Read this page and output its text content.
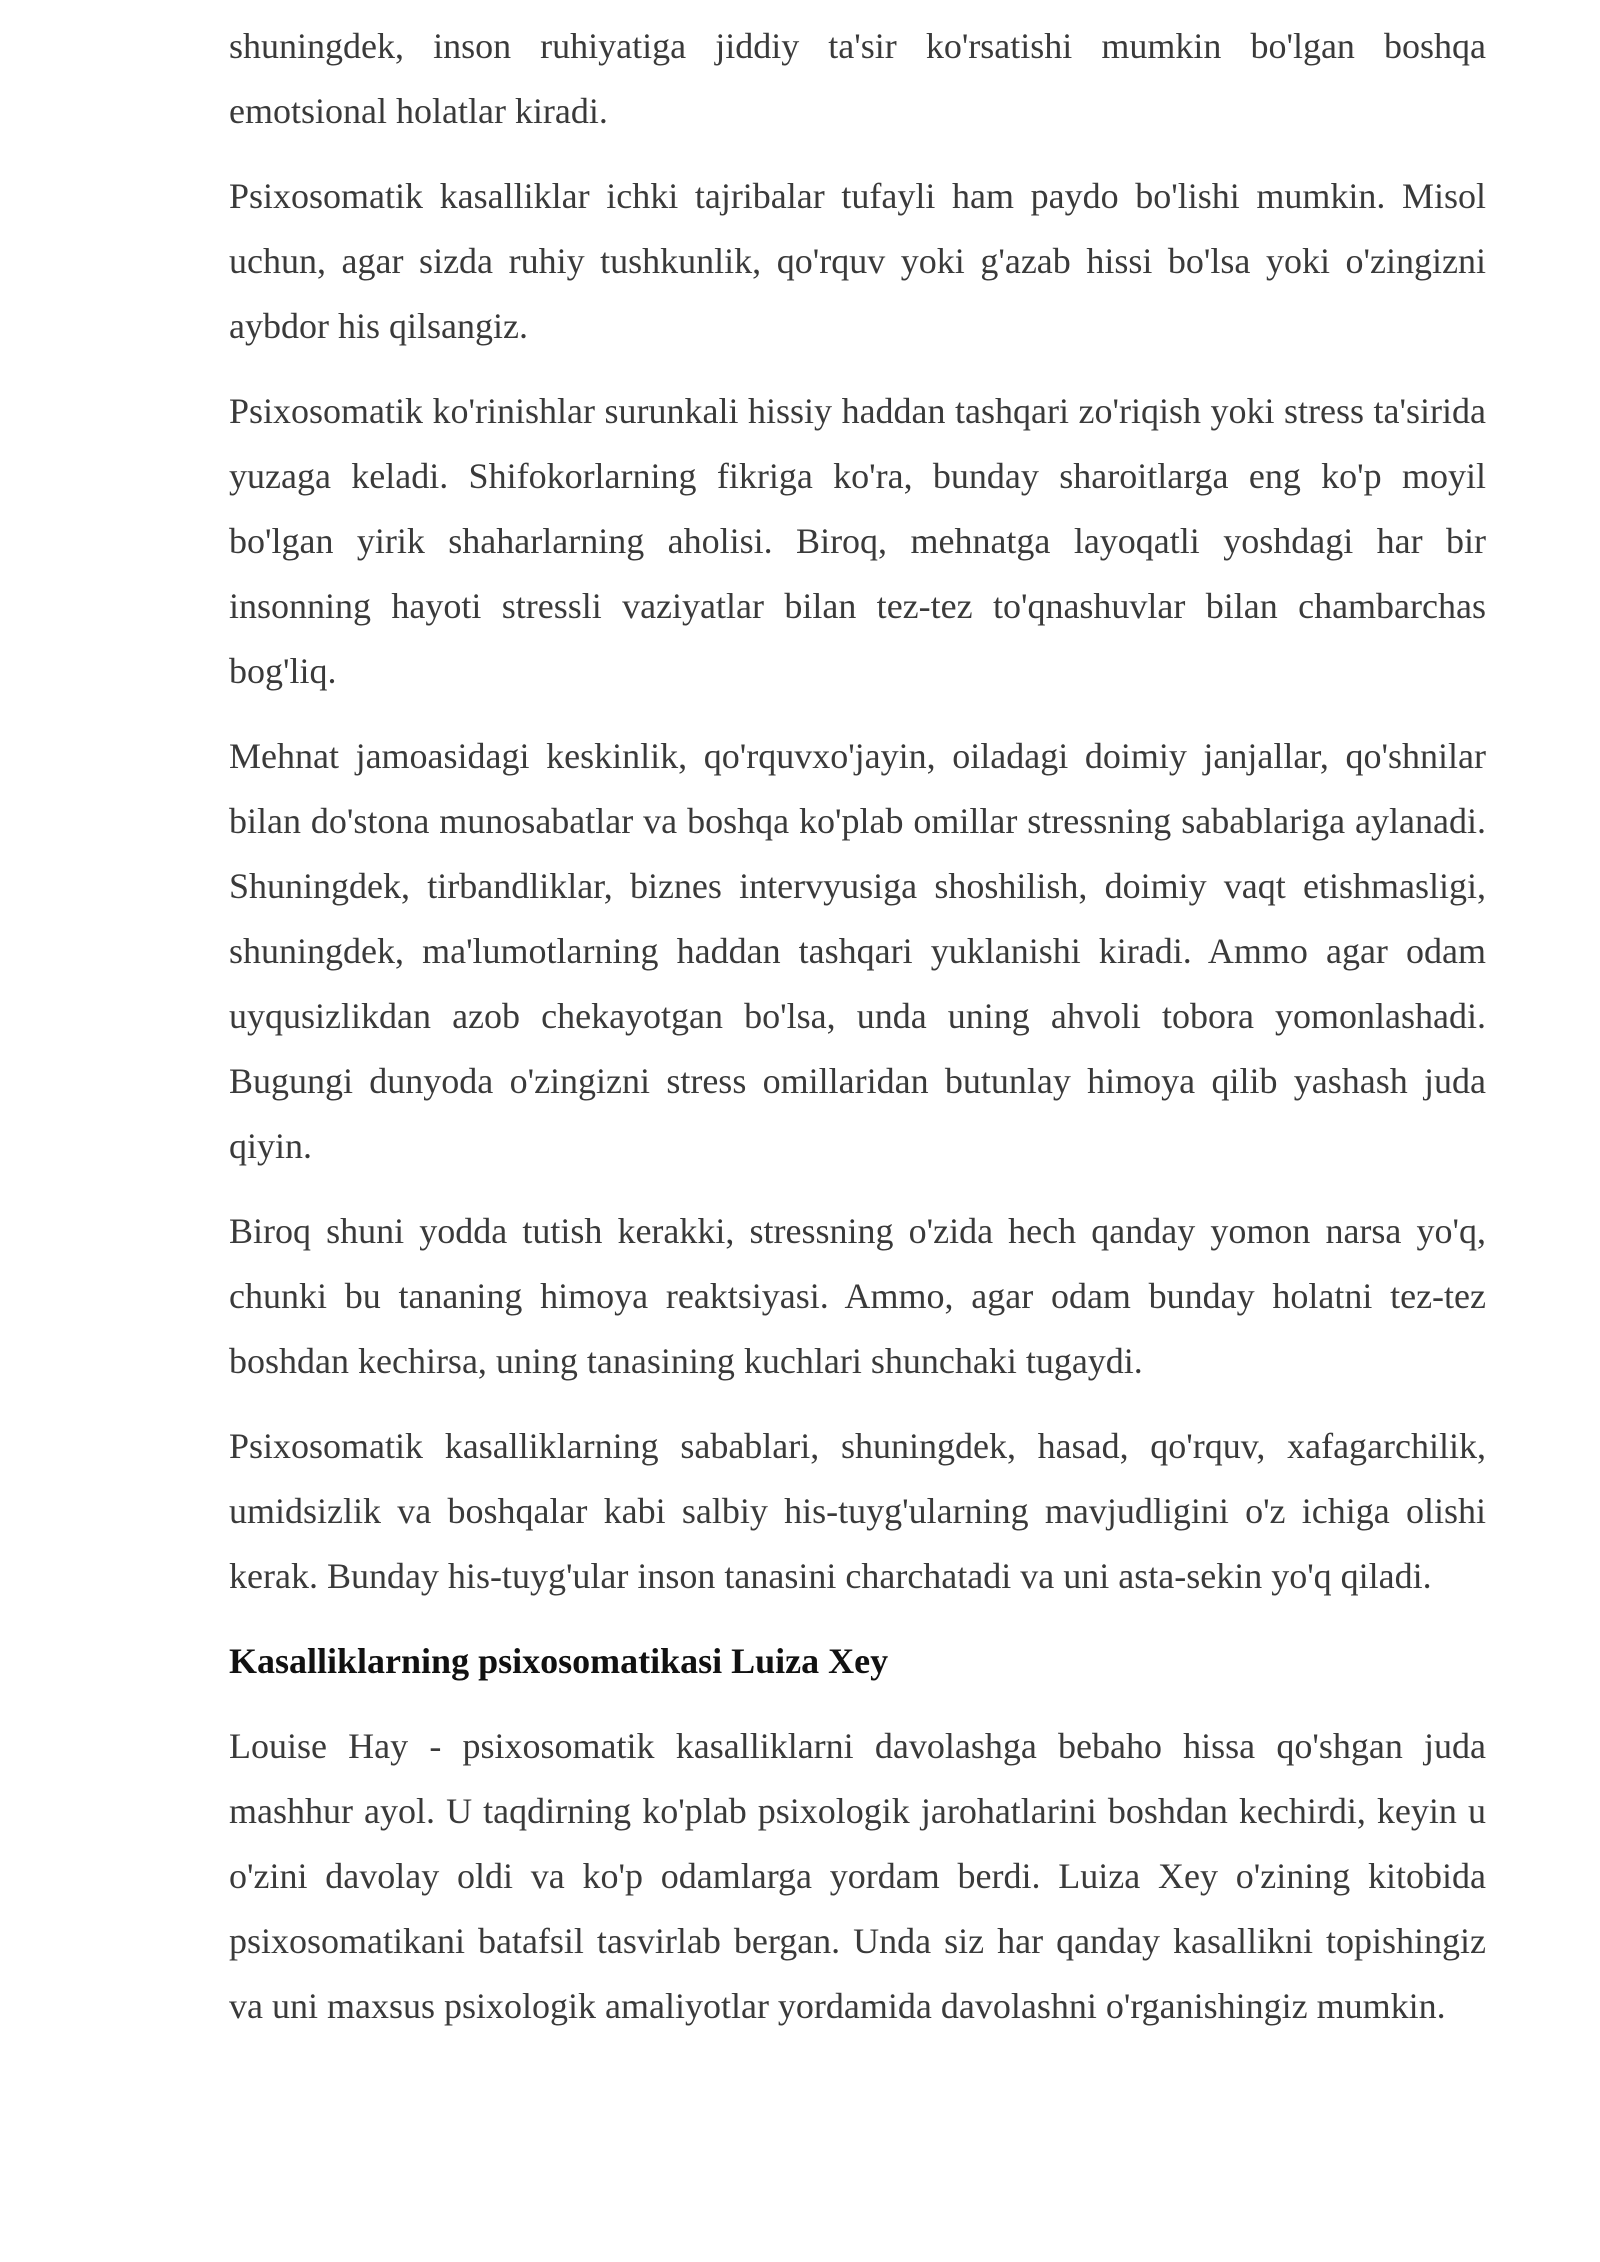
shuningdek, inson ruhiyatiga jiddiy ta'sir ko'rsatishi mumkin bo'lgan boshqa emotsional holatlar kiradi.

Psixosomatik kasalliklar ichki tajribalar tufayli ham paydo bo'lishi mumkin. Misol uchun, agar sizda ruhiy tushkunlik, qo'rquv yoki g'azab hissi bo'lsa yoki o'zingizni aybdor his qilsangiz.

Psixosomatik ko'rinishlar surunkali hissiy haddan tashqari zo'riqish yoki stress ta'sirida yuzaga keladi. Shifokorlarning fikriga ko'ra, bunday sharoitlarga eng ko'p moyil bo'lgan yirik shaharlarning aholisi. Biroq, mehnatga layoqatli yoshdagi har bir insonning hayoti stressli vaziyatlar bilan tez-tez to'qnashuvlar bilan chambarchas bog'liq.

Mehnat jamoasidagi keskinlik, qo'rquvxo'jayin, oiladagi doimiy janjallar, qo'shnilar bilan do'stona munosabatlar va boshqa ko'plab omillar stressning sabablariga aylanadi. Shuningdek, tirbandliklar, biznes intervyusiga shoshilish, doimiy vaqt etishmasligi, shuningdek, ma'lumotlarning haddan tashqari yuklanishi kiradi. Ammo agar odam uyqusizlikdan azob chekayotgan bo'lsa, unda uning ahvoli tobora yomonlashadi. Bugungi dunyoda o'zingizni stress omillaridan butunlay himoya qilib yashash juda qiyin.

Biroq shuni yodda tutish kerakki, stressning o'zida hech qanday yomon narsa yo'q, chunki bu tananing himoya reaktsiyasi. Ammo, agar odam bunday holatni tez-tez boshdan kechirsa, uning tanasining kuchlari shunchaki tugaydi.

Psixosomatik kasalliklarning sabablari, shuningdek, hasad, qo'rquv, xafagarchilik, umidsizlik va boshqalar kabi salbiy his-tuyg'ularning mavjudligini o'z ichiga olishi kerak. Bunday his-tuyg'ular inson tanasini charchatadi va uni asta-sekin yo'q qiladi.

Kasalliklarning psixosomatikasi Luiza Xey

Louise Hay - psixosomatik kasalliklarni davolashga bebaho hissa qo'shgan juda mashhur ayol. U taqdirning ko'plab psixologik jarohatlarini boshdan kechirdi, keyin u o'zini davolay oldi va ko'p odamlarga yordam berdi. Luiza Xey o'zining kitobida psixosomatikani batafsil tasvirlab bergan. Unda siz har qanday kasallikni topishingiz va uni maxsus psixologik amaliyotlar yordamida davolashni o'rganishingiz mumkin.
